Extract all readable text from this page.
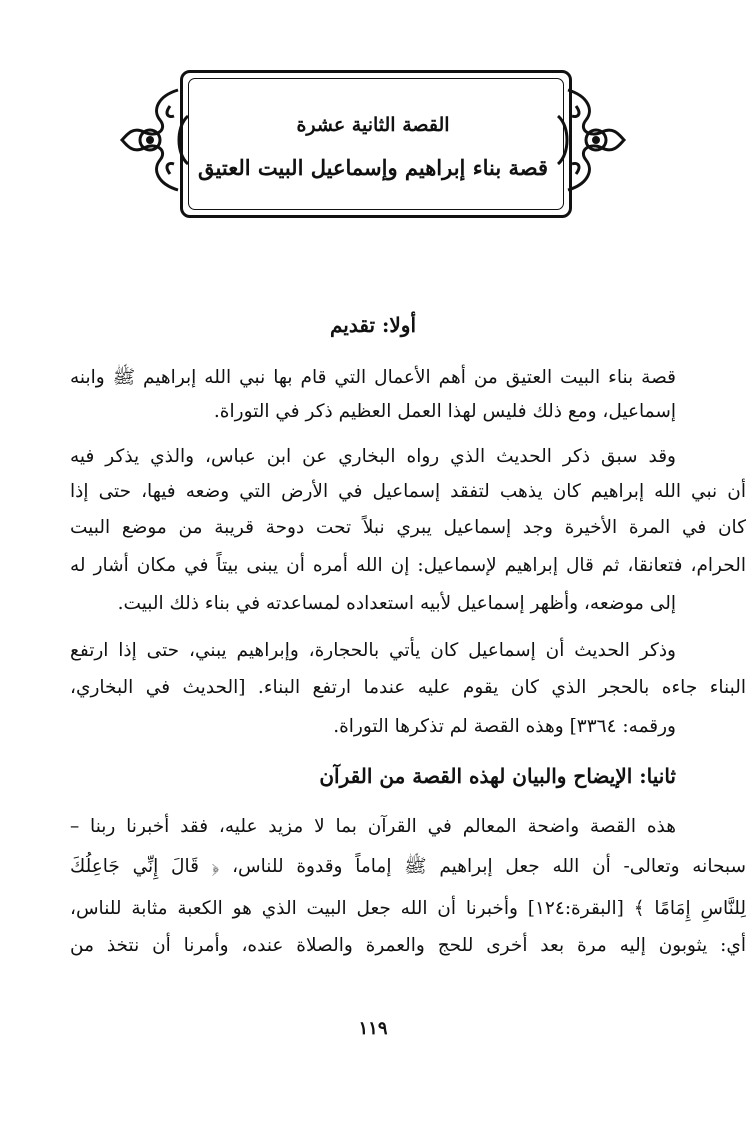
القصة الثانية عشرة
قصة بناء إبراهيم وإسماعيل البيت العتيق
أولا: تقديم
قصة بناء البيت العتيق من أهم الأعمال التي قام بها نبي الله إبراهيم ﷺ وابنه
إسماعيل، ومع ذلك فليس لهذا العمل العظيم ذكر في التوراة.
وقد سبق ذكر الحديث الذي رواه البخاري عن ابن عباس، والذي يذكر فيه
أن نبي الله إبراهيم كان يذهب لتفقد إسماعيل في الأرض التي وضعه فيها، حتى إذا
كان في المرة الأخيرة وجد إسماعيل يبري نبلاً تحت دوحة قريبة من موضع البيت
الحرام، فتعانقا، ثم قال إبراهيم لإسماعيل: إن الله أمره أن يبنى بيتاً في مكان أشار له
إلى موضعه، وأظهر إسماعيل لأبيه استعداده لمساعدته في بناء ذلك البيت.
وذكر الحديث أن إسماعيل كان يأتي بالحجارة، وإبراهيم يبني، حتى إذا ارتفع
البناء جاءه بالحجر الذي كان يقوم عليه عندما ارتفع البناء. [الحديث في البخاري،
ورقمه: ٣٣٦٤] وهذه القصة لم تذكرها التوراة.
ثانيا: الإيضاح والبيان لهذه القصة من القرآن
هذه القصة واضحة المعالم في القرآن بما لا مزيد عليه، فقد أخبرنا ربنا –
سبحانه وتعالى- أن الله جعل إبراهيم ﷺ إماماً وقدوة للناس، ﴿ قَالَ إِنِّي جَاعِلُكَ
لِلنَّاسِ إِمَامًا ﴾ [البقرة:١٢٤] وأخبرنا أن الله جعل البيت الذي هو الكعبة مثابة للناس،
أي: يثوبون إليه مرة بعد أخرى للحج والعمرة والصلاة عنده، وأمرنا أن نتخذ من
١١٩
